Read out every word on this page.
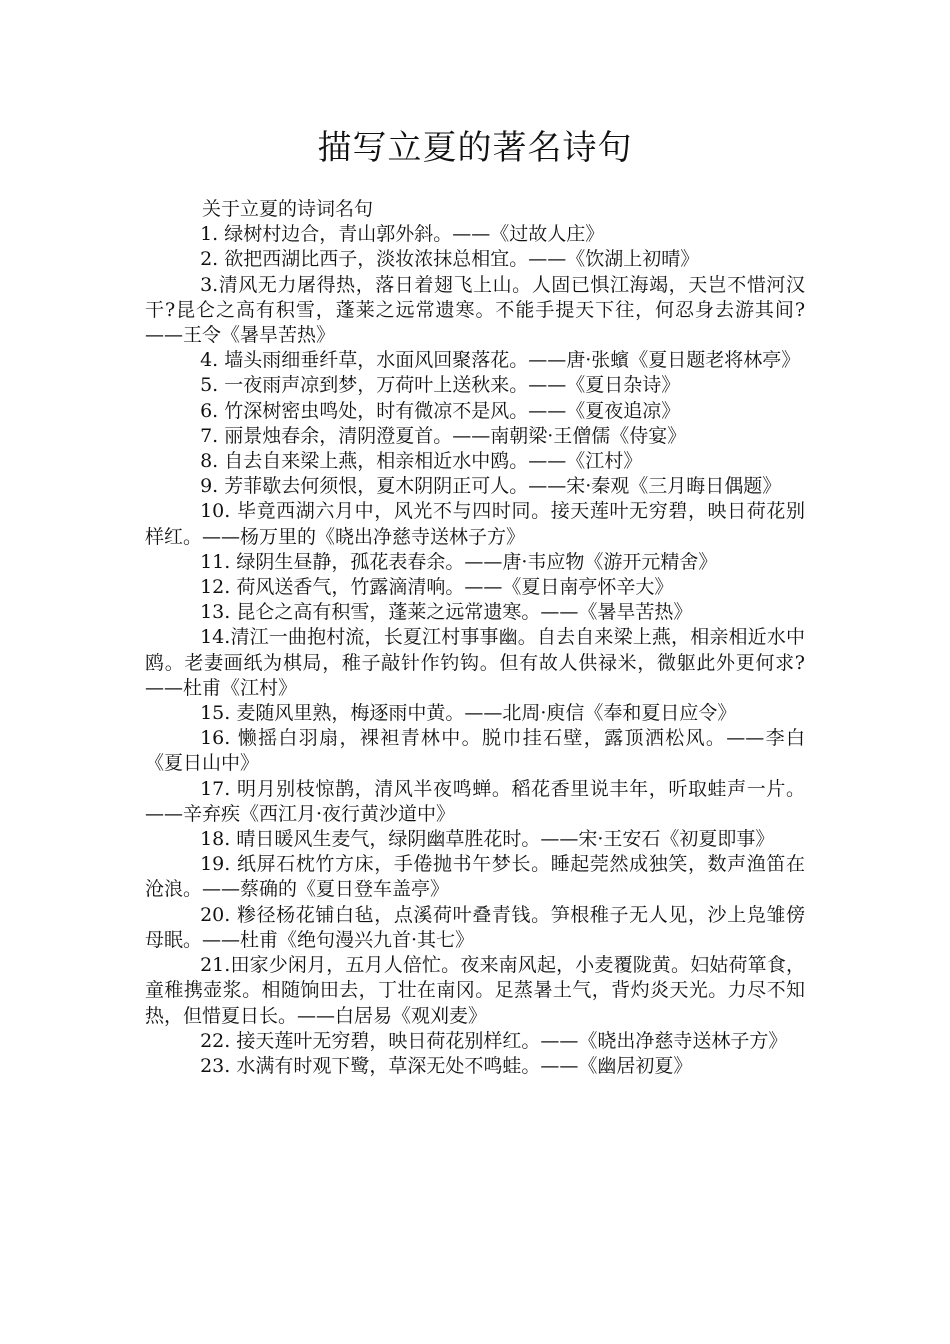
描写立夏的著名诗句

关于立夏的诗词名句

1. 绿树村边合，青山郭外斜。——《过故人庄》

2. 欲把西湖比西子，淡妆浓抹总相宜。——《饮湖上初晴》

3.清风无力屠得热，落日着翅飞上山。人固已惧江海竭，天岂不惜河汉干?昆仑之高有积雪，蓬莱之远常遗寒。不能手提天下往，何忍身去游其间?——王令《暑旱苦热》

4. 墙头雨细垂纤草，水面风回聚落花。——唐·张蠙《夏日题老将林亭》

5. 一夜雨声凉到梦，万荷叶上送秋来。——《夏日杂诗》

6. 竹深树密虫鸣处，时有微凉不是风。——《夏夜追凉》

7. 丽景烛春余，清阴澄夏首。——南朝梁·王僧儒《侍宴》

8. 自去自来梁上燕，相亲相近水中鸥。——《江村》

9. 芳菲歇去何须恨，夏木阴阴正可人。——宋·秦观《三月晦日偶题》

10. 毕竟西湖六月中，风光不与四时同。接天莲叶无穷碧，映日荷花别样红。——杨万里的《晓出净慈寺送林子方》

11. 绿阴生昼静，孤花表春余。——唐·韦应物《游开元精舍》

12. 荷风送香气，竹露滴清响。——《夏日南亭怀辛大》

13. 昆仑之高有积雪，蓬莱之远常遗寒。——《暑旱苦热》

14.清江一曲抱村流，长夏江村事事幽。自去自来梁上燕，相亲相近水中鸥。老妻画纸为棋局，稚子敲针作钓钩。但有故人供禄米，微躯此外更何求?——杜甫《江村》

15. 麦随风里熟，梅逐雨中黄。——北周·庾信《奉和夏日应令》

16. 懒摇白羽扇，裸袒青林中。脱巾挂石壁，露顶洒松风。——李白《夏日山中》

17. 明月别枝惊鹊，清风半夜鸣蝉。稻花香里说丰年，听取蛙声一片。——辛弃疾《西江月·夜行黄沙道中》

18. 晴日暖风生麦气，绿阴幽草胜花时。——宋·王安石《初夏即事》

19. 纸屏石枕竹方床，手倦抛书午梦长。睡起莞然成独笑，数声渔笛在沧浪。——蔡确的《夏日登车盖亭》

20. 糁径杨花铺白毡，点溪荷叶叠青钱。笋根稚子无人见，沙上凫雏傍母眠。——杜甫《绝句漫兴九首·其七》

21.田家少闲月，五月人倍忙。夜来南风起，小麦覆陇黄。妇姑荷箪食，童稚携壶浆。相随饷田去，丁壮在南冈。足蒸暑土气，背灼炎天光。力尽不知热，但惜夏日长。——白居易《观刈麦》

22. 接天莲叶无穷碧，映日荷花别样红。——《晓出净慈寺送林子方》

23. 水满有时观下鹭，草深无处不鸣蛙。——《幽居初夏》
